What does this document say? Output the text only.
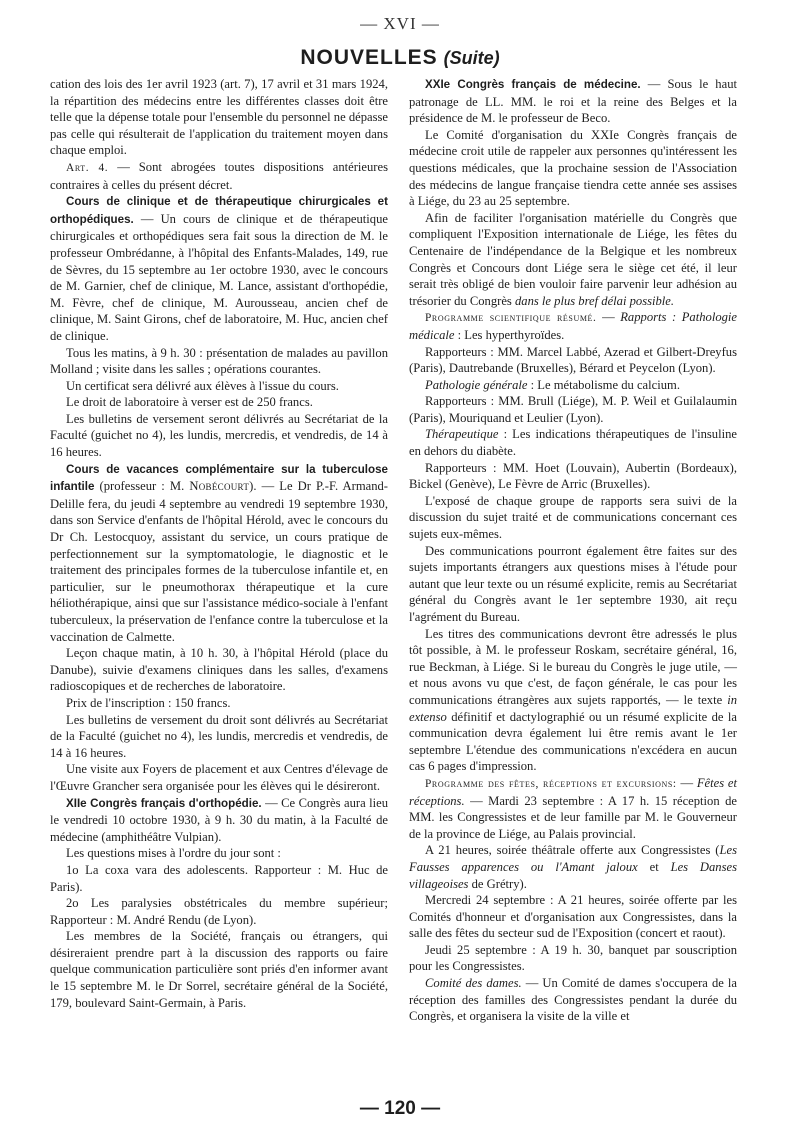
— XVI —
NOUVELLES (Suite)

cation des lois des 1er avril 1923 (art. 7), 17 avril et 31 mars 1924, la répartition des médecins entre les différentes classes doit être telle que la dépense totale pour l'ensemble du personnel ne dépasse pas celle qui résulterait de l'application du traitement moyen dans chaque emploi.

Art. 4. — Sont abrogées toutes dispositions antérieures contraires à celles du présent décret.

Cours de clinique et de thérapeutique chirurgicales et orthopédiques. — Un cours de clinique et de thérapeutique chirurgicales et orthopédiques sera fait sous la direction de M. le professeur Ombrédanne, à l'hôpital des Enfants-Malades, 149, rue de Sèvres, du 15 septembre au 1er octobre 1930, avec le concours de M. Garnier, chef de clinique, M. Lance, assistant d'orthopédie, M. Fèvre, chef de clinique, M. Aurousseau, ancien chef de clinique, M. Saint Girons, chef de laboratoire, M. Huc, ancien chef de clinique.

Tous les matins, à 9 h. 30 : présentation de malades au pavillon Molland ; visite dans les salles ; opérations courantes.

Un certificat sera délivré aux élèves à l'issue du cours.

Le droit de laboratoire à verser est de 250 francs.

Les bulletins de versement seront délivrés au Secrétariat de la Faculté (guichet no 4), les lundis, mercredis, et vendredis, de 14 à 16 heures.

Cours de vacances complémentaire sur la tuberculose infantile (professeur : M. Nobécourt). — Le Dr P.-F. Armand-Delille fera, du jeudi 4 septembre au vendredi 19 septembre 1930, dans son Service d'enfants de l'hôpital Hérold, avec le concours du Dr Ch. Lestocquoy, assistant du service, un cours pratique de perfectionnement sur la symptomatologie, le diagnostic et le traitement des principales formes de la tuberculose infantile et, en particulier, sur le pneumothorax thérapeutique et la cure héliothérapique, ainsi que sur l'assistance médico-sociale à l'enfant tuberculeux, la préservation de l'enfance contre la tuberculose et la vaccination de Calmette.

Leçon chaque matin, à 10 h. 30, à l'hôpital Hérold (place du Danube), suivie d'examens cliniques dans les salles, d'examens radioscopiques et de recherches de laboratoire.

Prix de l'inscription : 150 francs.

Les bulletins de versement du droit sont délivrés au Secrétariat de la Faculté (guichet no 4), les lundis, mercredis et vendredis, de 14 à 16 heures.

Une visite aux Foyers de placement et aux Centres d'élevage de l'Œuvre Grancher sera organisée pour les élèves qui le désireront.

XIIe Congrès français d'orthopédie. — Ce Congrès aura lieu le vendredi 10 octobre 1930, à 9 h. 30 du matin, à la Faculté de médecine (amphithéâtre Vulpian).

Les questions mises à l'ordre du jour sont :

1o La coxa vara des adolescents. Rapporteur : M. Huc de Paris).

2o Les paralysies obstétricales du membre supérieur; Rapporteur : M. André Rendu (de Lyon).

Les membres de la Société, français ou étrangers, qui désireraient prendre part à la discussion des rapports ou faire quelque communication particulière sont priés d'en informer avant le 15 septembre M. le Dr Sorrel, secrétaire général de la Société, 179, boulevard Saint-Germain, à Paris.

XXIe Congrès français de médecine. — Sous le haut patronage de LL. MM. le roi et la reine des Belges et la présidence de M. le professeur de Beco.

Le Comité d'organisation du XXIe Congrès français de médecine croit utile de rappeler aux personnes qu'intéressent les questions médicales, que la prochaine session de l'Association des médecins de langue française tiendra cette année ses assises à Liége, du 23 au 25 septembre.

Afin de faciliter l'organisation matérielle du Congrès que compliquent l'Exposition internationale de Liége, les fêtes du Centenaire de l'indépendance de la Belgique et les nombreux Congrès et Concours dont Liége sera le siège cet été, il leur serait très obligé de bien vouloir faire parvenir leur adhésion au trésorier du Congrès dans le plus bref délai possible.

Programme scientifique résumé. — Rapports : Pathologie médicale : Les hyperthyroïdes.

Rapporteurs : MM. Marcel Labbé, Azerad et Gilbert-Dreyfus (Paris), Dautrebande (Bruxelles), Bérard et Peycelon (Lyon).

Pathologie générale : Le métabolisme du calcium.

Rapporteurs : MM. Brull (Liége), M. P. Weil et Guilalaumin (Paris), Mouriquand et Leulier (Lyon).

Thérapeutique : Les indications thérapeutiques de l'insuline en dehors du diabète.

Rapporteurs : MM. Hoet (Louvain), Aubertin (Bordeaux), Bickel (Genève), Le Fèvre de Arric (Bruxelles).

L'exposé de chaque groupe de rapports sera suivi de la discussion du sujet traité et de communications concernant ces sujets eux-mêmes.

Des communications pourront également être faites sur des sujets importants étrangers aux questions mises à l'étude pour autant que leur texte ou un résumé explicite, remis au Secrétariat général du Congrès avant le 1er septembre 1930, ait reçu l'agrément du Bureau.

Les titres des communications devront être adressés le plus tôt possible, à M. le professeur Roskam, secrétaire général, 16, rue Beckman, à Liége. Si le bureau du Congrès le juge utile, — et nous avons vu que c'est, de façon générale, le cas pour les communications étrangères aux sujets rapportés, — le texte in extenso définitif et dactylographié ou un résumé explicite de la communication devra également lui être remis avant le 1er septembre L'étendue des communications n'excédera en aucun cas 6 pages d'impression.

Programme des fêtes, réceptions et excursions: — Fêtes et réceptions. — Mardi 23 septembre : A 17 h. 15 réception de MM. les Congressistes et de leur famille par M. le Gouverneur de la province de Liége, au Palais provincial.

A 21 heures, soirée théâtrale offerte aux Congressistes (Les Fausses apparences ou l'Amant jaloux et Les Danses villageoises de Grétry).

Mercredi 24 septembre : A 21 heures, soirée offerte par les Comités d'honneur et d'organisation aux Congressistes, dans la salle des fêtes du secteur sud de l'Exposition (concert et raout).

Jeudi 25 septembre : A 19 h. 30, banquet par souscription pour les Congressistes.

Comité des dames. — Un Comité de dames s'occupera de la réception des familles des Congressistes pendant la durée du Congrès, et organisera la visite de la ville et

— 120 —
